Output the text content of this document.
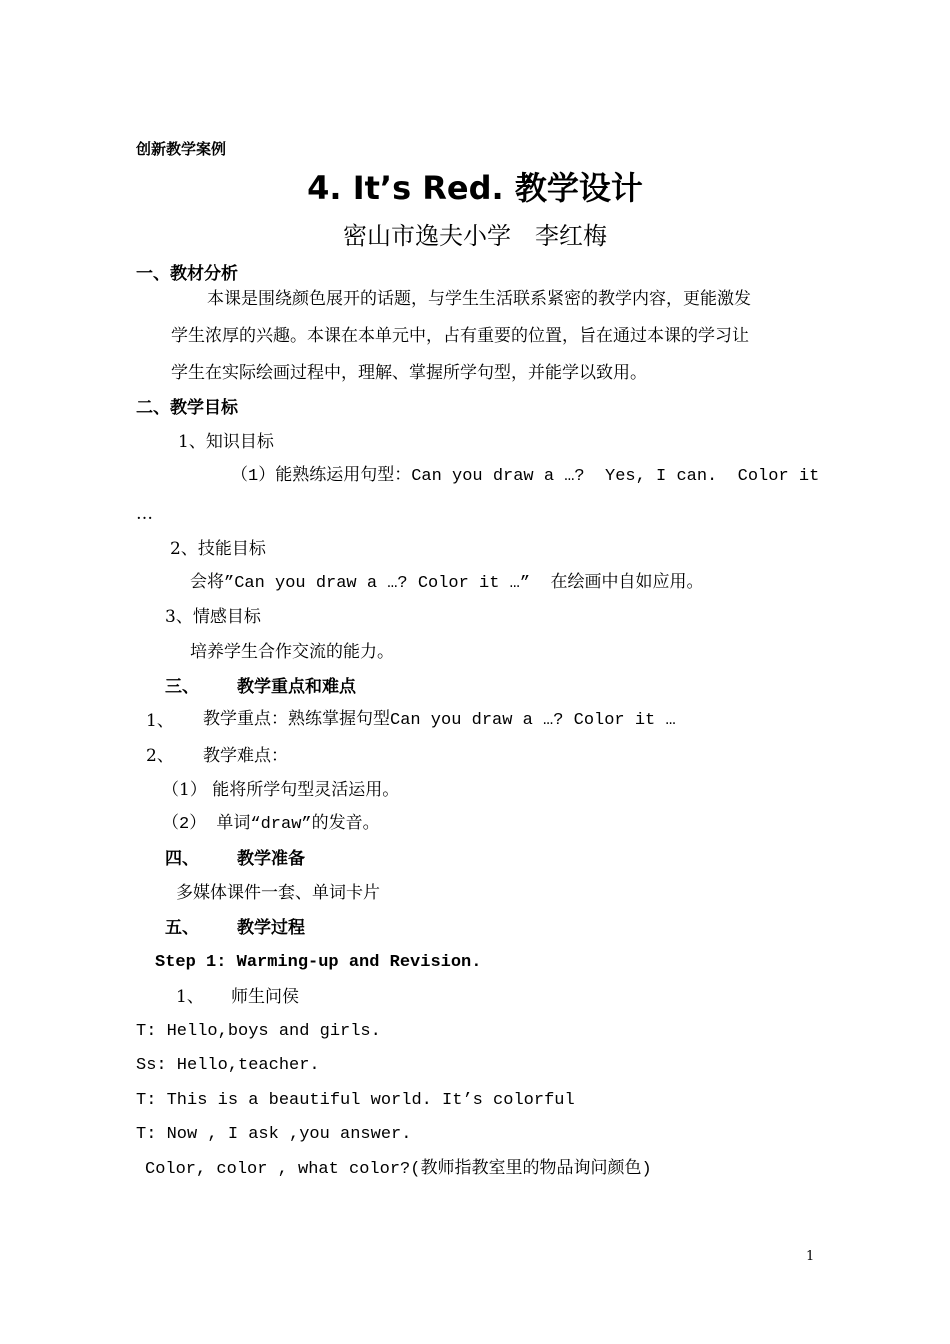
创新教学案例
4. It’s Red. 教学设计
密山市逸夫小学　李红梅
一、教材分析
本课是围绕颜色展开的话题，与学生生活联系紧密的教学内容，更能激发
学生浓厚的兴趣。本课在本单元中，占有重要的位置，旨在通过本课的学习让
学生在实际绘画过程中，理解、掌握所学句型，并能学以致用。
二、教学目标
1、知识目标
（1）能熟练运用句型：Can you draw a …?  Yes, I can.  Color it
…
2、技能目标
会将”Can you draw a …? Color it …”  在绘画中自如应用。
3、情感目标
培养学生合作交流的能力。
三、 教学重点和难点
1、 教学重点：熟练掌握句型Can you draw a …? Color it …
2、 教学难点：
（1） 能将所学句型灵活运用。
（2） 单词“draw”的发音。
四、 教学准备
多媒体课件一套、单词卡片
五、 教学过程
Step 1: Warming-up and Revision.
1、 师生问侯
T: Hello,boys and girls.
Ss: Hello,teacher.
T: This is a beautiful world. It’s colorful
T: Now , I ask ,you answer.
Color, color , what color?(教师指教室里的物品询问颜色)
1
